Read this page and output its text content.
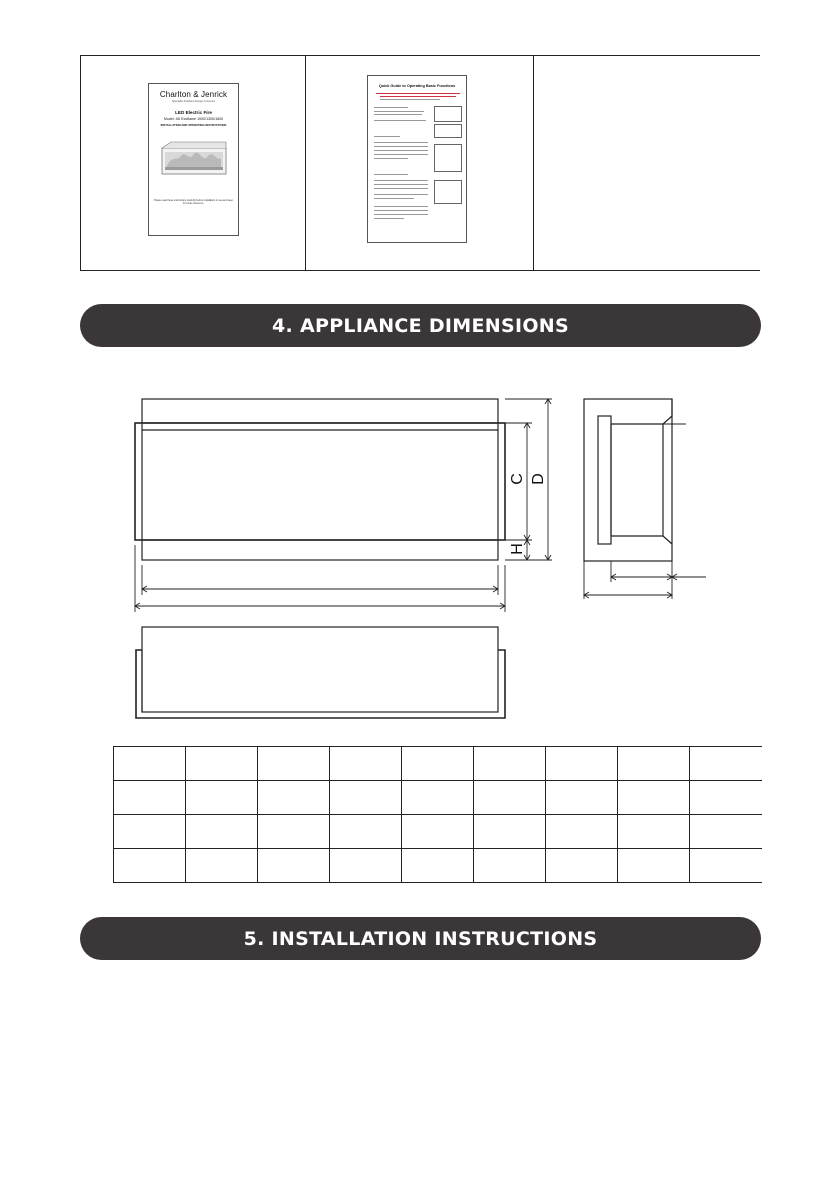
Charlton & Jenrick
Specialist Fireplace Design & Service
LED Electric Fire
Model: 4D Ecoflame 1000/1300/1600
INSTALLATION AND OPERATING INSTRUCTIONS
Please read these instructions carefully before installation or use and keep for future reference.
Quick Guide to Operating Basic Functions
4. APPLIANCE DIMENSIONS
C D
H

5. INSTALLATION INSTRUCTIONS
